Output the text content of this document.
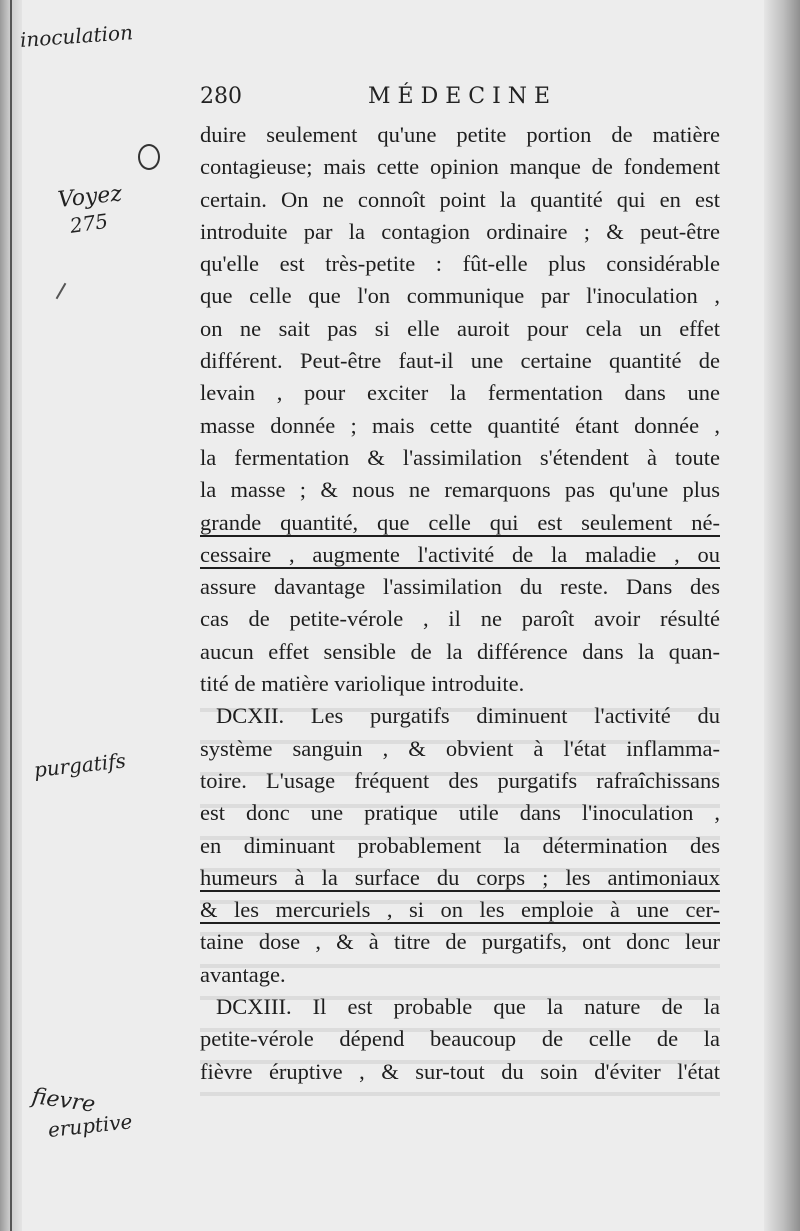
280	MÉDECINE
duire seulement qu'une petite portion de matière
contagieuse; mais cette opinion manque de fondement
certain. On ne connoît point la quantité qui en est
introduite par la contagion ordinaire ; & peut-être
qu'elle est très-petite : fût-elle plus considérable
que celle que l'on communique par l'inoculation ,
on ne sait pas si elle auroit pour cela un effet
différent. Peut-être faut-il une certaine quantité de
levain , pour exciter la fermentation dans une
masse donnée ; mais cette quantité étant donnée ,
la fermentation & l'assimilation s'étendent à toute
la masse ; & nous ne remarquons pas qu'une plus
grande quantité, que celle qui est seulement né-
cessaire , augmente l'activité de la maladie , ou
assure davantage l'assimilation du reste. Dans des
cas de petite-vérole , il ne paroît avoir résulté
aucun effet sensible de la différence dans la quan-
tité de matière variolique introduite.
DCXII. Les purgatifs diminuent l'activité du
système sanguin , & obvient à l'état inflamma-
toire. L'usage fréquent des purgatifs rafraîchissans
est donc une pratique utile dans l'inoculation ,
en diminuant probablement la détermination des
humeurs à la surface du corps ; les antimoniaux
& les mercuriels , si on les emploie à une cer-
taine dose , & à titre de purgatifs, ont donc leur
avantage.
DCXIII. Il est probable que la nature de la
petite-vérole dépend beaucoup de celle de la
fièvre éruptive , & sur-tout du soin d'éviter l'état
inoculation
Voyez
275
purgatifs
fievre
eruptive
